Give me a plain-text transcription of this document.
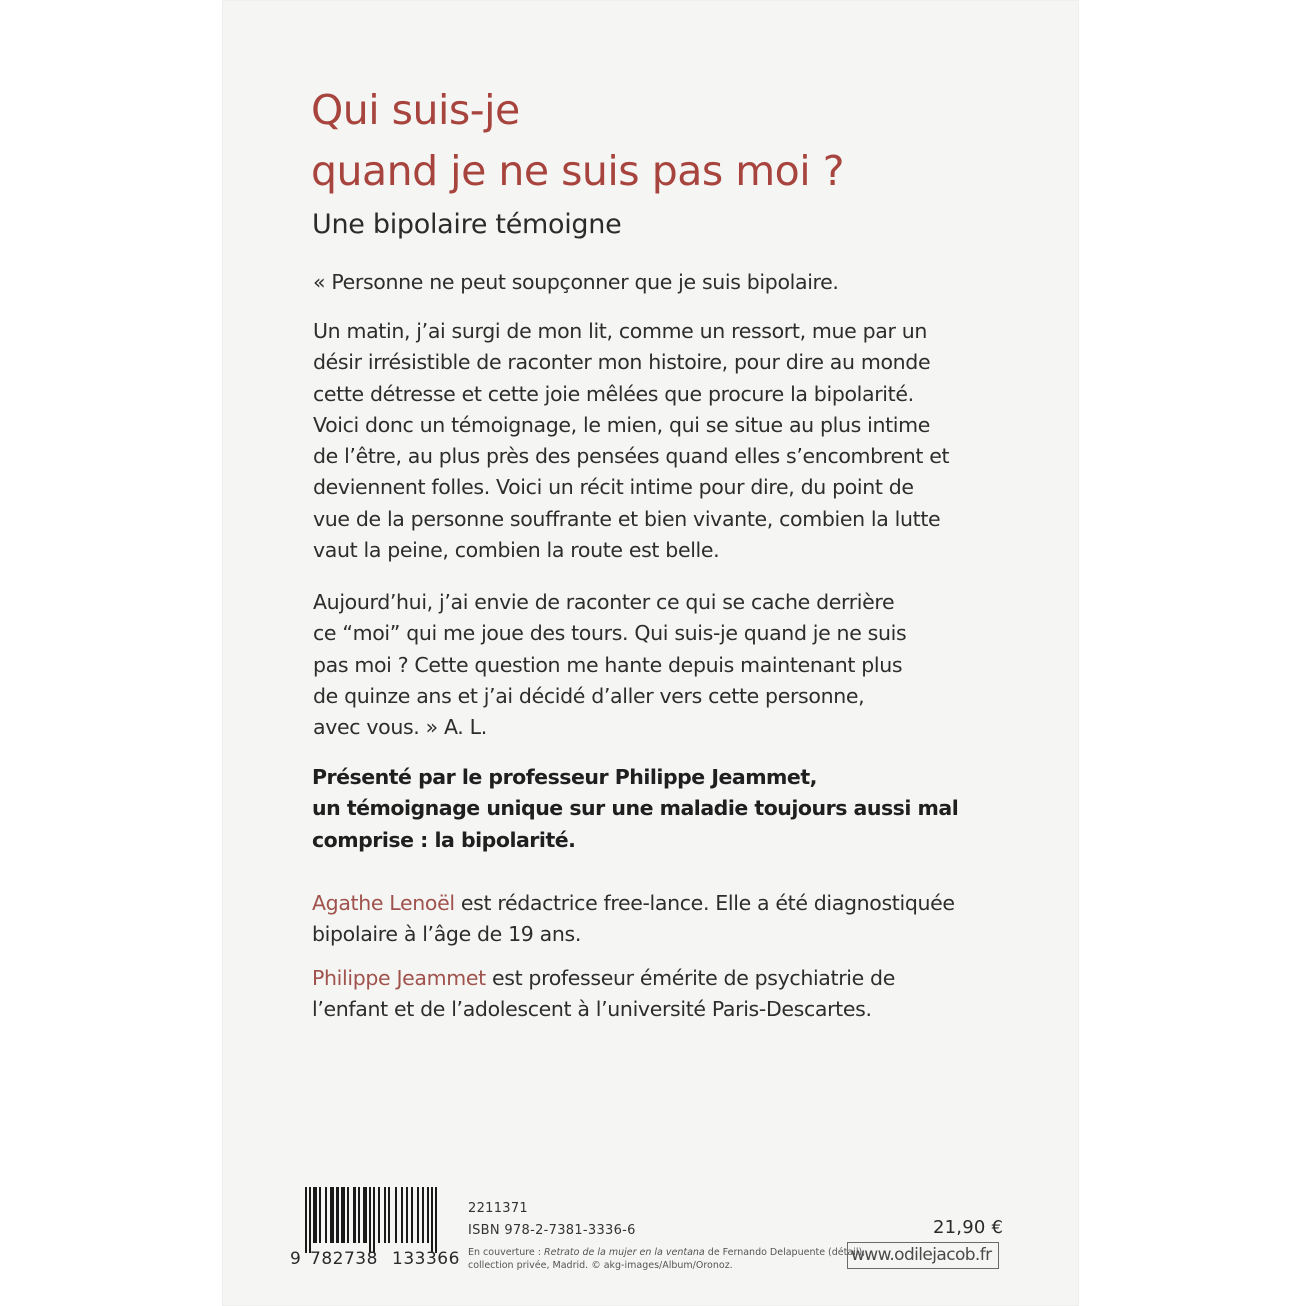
Qui suis-je
quand je ne suis pas moi ?
Une bipolaire témoigne
« Personne ne peut soupçonner que je suis bipolaire.
Un matin, j’ai surgi de mon lit, comme un ressort, mue par un
désir irrésistible de raconter mon histoire, pour dire au monde
cette détresse et cette joie mêlées que procure la bipolarité.
Voici donc un témoignage, le mien, qui se situe au plus intime
de l’être, au plus près des pensées quand elles s’encombrent et
deviennent folles. Voici un récit intime pour dire, du point de
vue de la personne souffrante et bien vivante, combien la lutte
vaut la peine, combien la route est belle.
Aujourd’hui, j’ai envie de raconter ce qui se cache derrière
ce “moi” qui me joue des tours. Qui suis-je quand je ne suis
pas moi ? Cette question me hante depuis maintenant plus
de quinze ans et j’ai décidé d’aller vers cette personne,
avec vous. » A. L.
Présenté par le professeur Philippe Jeammet,
un témoignage unique sur une maladie toujours aussi mal
comprise : la bipolarité.
Agathe Lenoël est rédactrice free-lance. Elle a été diagnostiquée
bipolaire à l’âge de 19 ans.
Philippe Jeammet est professeur émérite de psychiatrie de
l’enfant et de l’adolescent à l’université Paris-Descartes.
9 782738 133366
2211371
ISBN 978-2-7381-3336-6
En couverture : Retrato de la mujer en la ventana de Fernando Delapuente (détail),
collection privée, Madrid. © akg-images/Album/Oronoz.
21,90 €
www.odilejacob.fr
